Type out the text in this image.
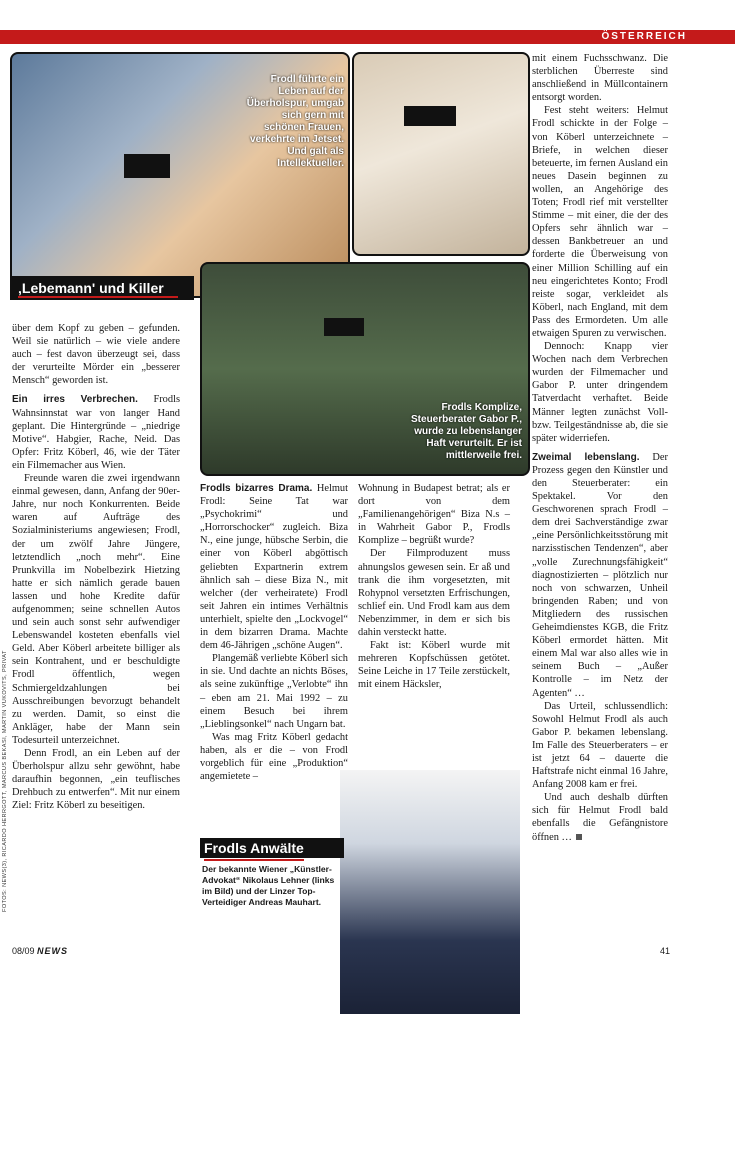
ÖSTERREICH
Frodl führte ein Leben auf der Überholspur, umgab sich gern mit schönen Frauen, verkehrte im Jetset. Und galt als Intellektueller.
‚Lebemann' und Killer
Frodls Komplize, Steuerberater Gabor P., wurde zu lebenslanger Haft verurteilt. Er ist mittlerweile frei.

über dem Kopf zu geben – gefunden. Weil sie natürlich – wie viele andere auch – fest davon überzeugt sei, dass der verurteilte Mörder ein „besserer Mensch“ geworden ist.

Ein irres Verbrechen. Frodls Wahnsinnstat war von langer Hand geplant. Die Hintergründe – „niedrige Motive“. Habgier, Rache, Neid. Das Opfer: Fritz Köberl, 46, wie der Täter ein Filmemacher aus Wien.

Freunde waren die zwei irgendwann einmal gewesen, dann, Anfang der 90er-Jahre, nur noch Konkurrenten. Beide waren auf Aufträge des Sozialministeriums angewiesen; Frodl, der um zwölf Jahre Jüngere, letztendlich „noch mehr“. Eine Prunkvilla im Nobelbezirk Hietzing hatte er sich nämlich gerade bauen lassen und hohe Kredite dafür aufgenommen; seine schnellen Autos und sein auch sonst sehr aufwendiger Lebenswandel kosteten ebenfalls viel Geld. Aber Köberl arbeitete billiger als sein Kontrahent, und er beschuldigte Frodl öffentlich, wegen Schmiergeldzahlungen bei Ausschreibungen bevorzugt behandelt zu werden. Damit, so einst die Ankläger, habe der Mann sein Todesurteil unterzeichnet.

Denn Frodl, an ein Leben auf der Überholspur allzu sehr gewöhnt, habe daraufhin begonnen, „ein teuflisches Drehbuch zu entwerfen“. Mit nur einem Ziel: Fritz Köberl zu beseitigen.

Frodls bizarres Drama. Helmut Frodl: Seine Tat war „Psychokrimi“ und „Horrorschocker“ zugleich. Biza N., eine junge, hübsche Serbin, die einer von Köberl abgöttisch geliebten Expartnerin extrem ähnlich sah – diese Biza N., mit welcher (der verheiratete) Frodl seit Jahren ein intimes Verhältnis unterhielt, spielte den „Lockvogel“ in dem bizarren Drama. Machte dem 46-Jährigen „schöne Augen“.

Plangemäß verliebte Köberl sich in sie. Und dachte an nichts Böses, als seine zukünftige „Verlobte“ ihn – eben am 21. Mai 1992 – zu einem Besuch bei ihrem „Lieblingsonkel“ nach Ungarn bat.

Was mag Fritz Köberl gedacht haben, als er die – von Frodl vorgeblich für eine „Produktion“ angemietete –

Wohnung in Budapest betrat; als er dort von dem „Familienangehörigen“ Biza N.s – in Wahrheit Gabor P., Frodls Komplize – begrüßt wurde?

Der Filmproduzent muss ahnungslos gewesen sein. Er aß und trank die ihm vorgesetzten, mit Rohypnol versetzten Erfrischungen, schlief ein. Und Frodl kam aus dem Nebenzimmer, in dem er sich bis dahin versteckt hatte.

Fakt ist: Köberl wurde mit mehreren Kopfschüssen getötet. Seine Leiche in 17 Teile zerstückelt, mit einem Häcksler,

mit einem Fuchsschwanz. Die sterblichen Überreste sind anschließend in Müllcontainern entsorgt worden.

Fest steht weiters: Helmut Frodl schickte in der Folge – von Köberl unterzeichnete – Briefe, in welchen dieser beteuerte, im fernen Ausland ein neues Dasein beginnen zu wollen, an Angehörige des Toten; Frodl rief mit verstellter Stimme – mit einer, die der des Opfers sehr ähnlich war – dessen Bankbetreuer an und forderte die Überweisung von einer Million Schilling auf ein neu eingerichtetes Konto; Frodl reiste sogar, verkleidet als Köberl, nach England, mit dem Pass des Ermordeten. Um alle etwaigen Spuren zu verwischen.

Dennoch: Knapp vier Wochen nach dem Verbrechen wurden der Filmemacher und Gabor P. unter dringendem Tatverdacht verhaftet. Beide Männer legten zunächst Voll- bzw. Teilgeständnisse ab, die sie später widerriefen.

Zweimal lebenslang. Der Prozess gegen den Künstler und den Steuerberater: ein Spektakel. Vor den Geschworenen sprach Frodl – dem drei Sachverständige zwar „eine Persönlichkeitsstörung mit narzisstischen Tendenzen“, aber „volle Zurechnungsfähigkeit“ diagnostizierten – plötzlich nur noch von schwarzen, Unheil bringenden Raben; und von Mitgliedern des russischen Geheimdienstes KGB, die Fritz Köberl ermordet hätten. Mit einem Mal war also alles wie in seinem Buch – „Außer Kontrolle – im Netz der Agenten“ …

Das Urteil, schlussendlich: Sowohl Helmut Frodl als auch Gabor P. bekamen lebenslang. Im Falle des Steuerberaters – er ist jetzt 64 – dauerte die Haftstrafe nicht einmal 16 Jahre, Anfang 2008 kam er frei.

Und auch deshalb dürften sich für Helmut Frodl bald ebenfalls die Gefängnistore öffnen …

Frodls Anwälte
Der bekannte Wiener „Künstler-Advokat“ Nikolaus Lehner (links im Bild) und der Linzer Top-Verteidiger Andreas Mauhart.
FOTOS: NEWS(3), RICARDO HERRGOTT, MARCUS BEKASI, MARTIN VUKOVITS, PRIVAT
08/09 NEWS	41
